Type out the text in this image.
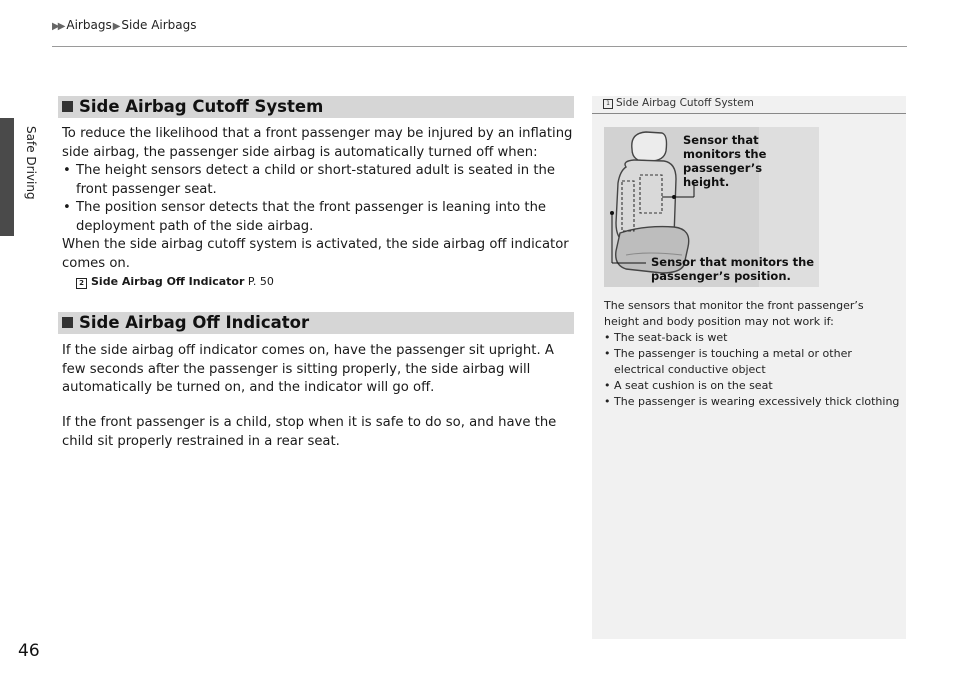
▶▶ Airbags▶ Side Airbags
Safe Driving
Side Airbag Cutoff System
To reduce the likelihood that a front passenger may be injured by an inflating side airbag, the passenger side airbag is automatically turned off when:
• The height sensors detect a child or short-statured adult is seated in the front passenger seat.
• The position sensor detects that the front passenger is leaning into the deployment path of the side airbag.
When the side airbag cutoff system is activated, the side airbag off indicator comes on.
2 Side Airbag Off Indicator P. 50
Side Airbag Off Indicator
If the side airbag off indicator comes on, have the passenger sit upright. A few seconds after the passenger is sitting properly, the side airbag will automatically be turned on, and the indicator will go off.
If the front passenger is a child, stop when it is safe to do so, and have the child sit properly restrained in a rear seat.
1 Side Airbag Cutoff System
Sensor that monitors the passenger’s height.
Sensor that monitors the passenger’s position.
The sensors that monitor the front passenger’s height and body position may not work if:
• The seat-back is wet
• The passenger is touching a metal or other electrical conductive object
• A seat cushion is on the seat
• The passenger is wearing excessively thick clothing
46
